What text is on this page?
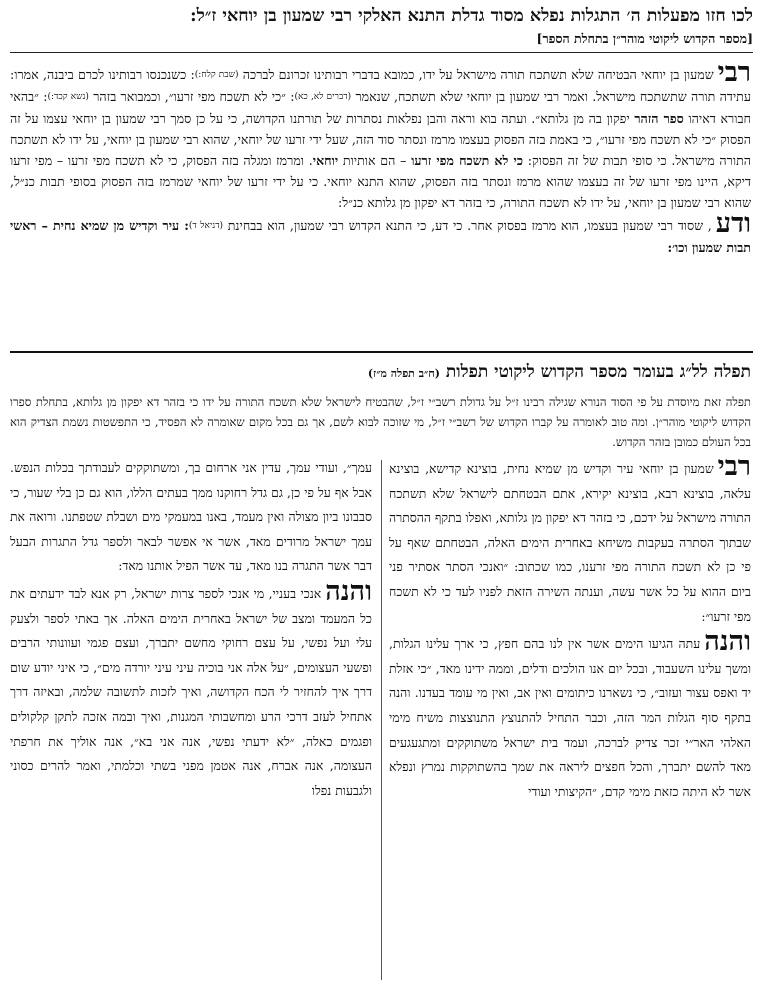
לכו חזו מפעלות ה׳ התגלות נפלא מסוד גדלת התנא האלקי רבי שמעון בן יוחאי ז״ל:
[מספר הקדוש ליקוטי מוהר״ן בתחלת הספר]

רבישמעון בן יוחאי הבטיחה שלא תשתכח תורה מישראל על ידו, כמובא בדברי רבותינו זכרונם לברכה (שבת קלח:): כשנכנסו רבותינו לכרם ביבנה, אמרו: עתידה תורה שתשתכח מישראל. ואמר רבי שמעון בן יוחאי שלא תשתכח, שנאמר (דברים לא, כא): ״כי לא תשכח מפי זרעו״, וכמבואר בזהר (נשא קכד:): ״בהאי חבורא דאיהו ספר הזהר יפקון בה מן גלותא״. ועתה בוא וראה והבן נפלאות נסתרות של תורתנו הקדושה, כי על כן סמך רבי שמעון בן יוחאי עצמו על זה הפסוק ״כי לא תשכח מפי זרעו״, כי באמת בזה הפסוק בעצמו מרמז ונסתר סוד הזה, שעל ידי זרעו של יוחאי, שהוא רבי שמעון בן יוחאי, על ידו לא תשתכח התורה מישראל. כי סופי תבות של זה הפסוק: כי לא תשכח מפי זרעו – הם אותיות יוחאי. ומרמז ומגלה בזה הפסוק, כי לא תשכח מפי זרעו – מפי זרעו דיקא, היינו מפי זרעו של זה בעצמו שהוא מרמז ונסתר בזה הפסוק, שהוא התנא יוחאי. כי על ידי זרעו של יוחאי שמרמז בזה הפסוק בסופי תבות כנ״ל, שהוא רבי שמעון בן יוחאי, על ידו לא תשכח התורה, כי בזהר דא יפקון מן גלותא כנ״ל:

ודע, שסוד רבי שמעון בעצמו, הוא מרמז בפסוק אחר. כי דע, כי התנא הקדוש רבי שמעון, הוא בבחינת (דניאל ד): עיר וקדיש מן שמיא נחית – ראשי תבות שמעון וכו׳:

תפלה לל״ג בעומר מספר הקדוש ליקוטי תפלות(ח״ב תפלה מ״ז)
תפלה זאת מיוסדת על פי הסוד הנורא שגילה רבינו ז״ל על גדולת רשב״י ז״ל, שהבטיח לישראל שלא תשכח התורה על ידו כי בזהר דא יפקון מן גלותא, בתחלת ספרו הקדוש ליקוטי מוהר״ן. ומה טוב לאומרה על קברו הקדוש של רשב״י ז״ל, מי שזוכה לבוא לשם, אך גם בכל מקום שאומרה לא הפסיד, כי התפשטות נשמת הצדיק הוא בכל העולם כמובן בזהר הקדוש.

רבישמעון בן יוחאי עיר וקדיש מן שמיא נחית, בוצינא קדישא, בוצינא עלאה, בוצינא רבא, בוצינא יקירא, אתם הבטחתם לישראל שלא תשתכח התורה מישראל על ידכם, כי בזהר דא יפקון מן גלותא, ואפלו בתקף ההסתרה שבתוך הסתרה בעקבות משיחא באחרית הימים האלה, הבטחתם שאף על פי כן לא תשכח התורה מפי זרענו, כמו שכתוב: ״ואנכי הסתר אסתיר פני ביום ההוא על כל אשר עשה, וענתה השירה הזאת לפניו לעד כי לא תשכח מפי זרעו״:

והנהעתה הגיעו הימים אשר אין לנו בהם חפץ, כי ארך עלינו הגלות, ומשך עלינו השעבוד, ובכל יום אנו הולכים ודלים, וממה ידינו מאד, ״כי אזלת יד ואפס עצור ועזוב״, כי נשארנו כיתומים ואין אב, ואין מי עומד בעדנו. והנה בתקף סוף הגלות המר הזה, וכבר התחיל להתנוצץ התנוצצות משיח מימי האלהי האר״י זכר צדיק לברכה, ועמד בית ישראל משתוקקים ומתגעגעים מאד להשם יתברך, והכל חפצים ליראה את שמך בהשתוקקות נמרץ ונפלא אשר לא היתה כזאת מימי קדם, ״הקיצותי ועודי

עמך״, ועודי עמך, עדין אני ארחום בך, ומשתוקקים לעבודתך בכלות הנפש. אבל אף על פי כן, גם גדל רחוקנו ממך בעתים הללו, הוא גם כן בלי שעור, כי סבבונו ביון מצולה ואין מעמד, באנו במעמקי מים ושבלת שטפתנו. ורואה את עמך ישראל מרודים מאד, אשר אי אפשר לבאר ולספר גדל התגרות הבעל דבר אשר התגרה בנו מאד, עד אשר הפיל אותנו מאד:

והנהאנכי בעניי, מי אנכי לספר צרות ישראל, רק אנא לבד ידעתים את כל המעמד ומצב של ישראל באחרית הימים האלה. אך באתי לספר ולצעק עלי ועל נפשי, על עצם רחוקי מחשם יתברך, ועצם פגמי ועוונותי הרבים ופשעי העצומים, ״על אלה אני בוכיה עיני עיני יורדה מים״, כי איני יודע שום דרך איך להחזיר לי הכח הקדושה, ואיך לזכות לתשובה שלמה, ובאיזה דרך אתחיל לעזב דרכי הרע ומחשבותי המגנות, ואיך ובמה אזכה לתקן קלקולים ופגמים כאלה, ״לא ידעתי נפשי, אנה אני בא״, אנה אוליך את חרפתי העצומה, אנה אברח, אנה אטמן מפני בשתי וכלמתי, ואמר להרים כסוני ולגבעות נפלו
